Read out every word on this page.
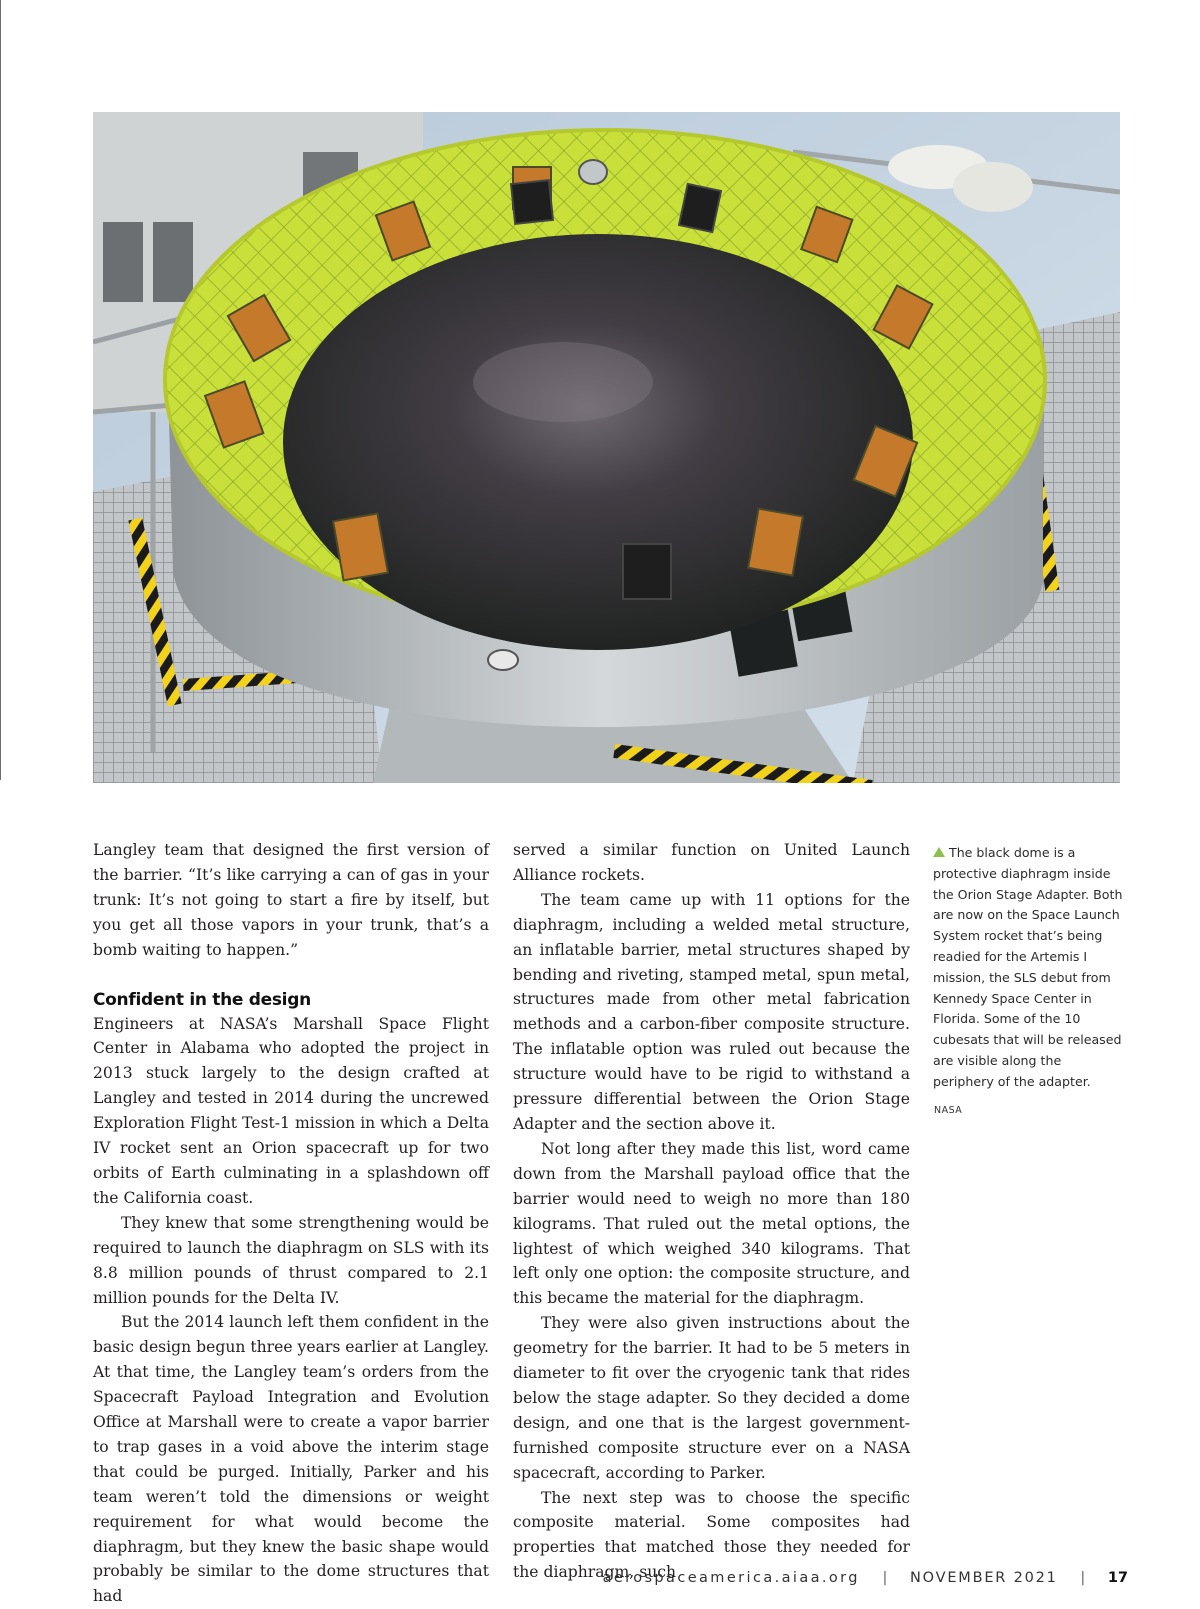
Langley team that designed the first version of the barrier. “It’s like carrying a can of gas in your trunk: It’s not going to start a fire by itself, but you get all those vapors in your trunk, that’s a bomb waiting to happen.”

Confident in the design

Engineers at NASA’s Marshall Space Flight Center in Alabama who adopted the project in 2013 stuck largely to the design crafted at Langley and tested in 2014 during the uncrewed Exploration Flight Test-1 mission in which a Delta IV rocket sent an Orion spacecraft up for two orbits of Earth culminating in a splashdown off the California coast.

They knew that some strengthening would be required to launch the diaphragm on SLS with its 8.8 million pounds of thrust compared to 2.1 million pounds for the Delta IV.

But the 2014 launch left them confident in the basic design begun three years earlier at Langley. At that time, the Langley team’s orders from the Spacecraft Payload Integration and Evolution Office at Marshall were to create a vapor barrier to trap gases in a void above the interim stage that could be purged. Initially, Parker and his team weren’t told the dimensions or weight requirement for what would become the diaphragm, but they knew the basic shape would probably be similar to the dome structures that had

served a similar function on United Launch Alliance rockets.

The team came up with 11 options for the diaphragm, including a welded metal structure, an inflatable barrier, metal structures shaped by bending and riveting, stamped metal, spun metal, structures made from other metal fabrication methods and a carbon-fiber composite structure. The inflatable option was ruled out because the structure would have to be rigid to withstand a pressure differential between the Orion Stage Adapter and the section above it.

Not long after they made this list, word came down from the Marshall payload office that the barrier would need to weigh no more than 180 kilograms. That ruled out the metal options, the lightest of which weighed 340 kilograms. That left only one option: the composite structure, and this became the material for the diaphragm.

They were also given instructions about the geometry for the barrier. It had to be 5 meters in diameter to fit over the cryogenic tank that rides below the stage adapter. So they decided a dome design, and one that is the largest government-furnished composite structure ever on a NASA spacecraft, according to Parker.

The next step was to choose the specific composite material. Some composites had properties that matched those they needed for the diaphragm, such

The black dome is a protective diaphragm inside the Orion Stage Adapter. Both are now on the Space Launch System rocket that’s being readied for the Artemis I mission, the SLS debut from Kennedy Space Center in Florida. Some of the 10 cubesats that will be released are visible along the periphery of the adapter.
NASA
aerospaceamerica.aiaa.org | NOVEMBER 2021 | 17
